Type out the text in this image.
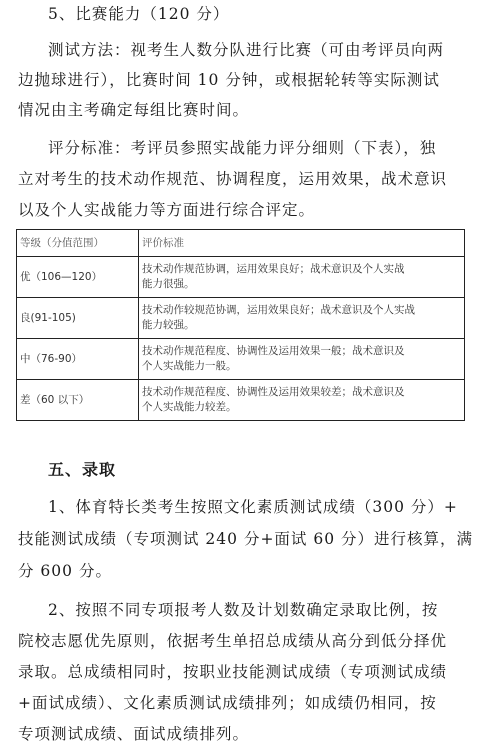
5、比赛能力（120 分）
测试方法：视考生人数分队进行比赛（可由考评员向两
边抛球进行），比赛时间 10 分钟，或根据轮转等实际测试
情况由主考确定每组比赛时间。
评分标准：考评员参照实战能力评分细则（下表），独
立对考生的技术动作规范、协调程度，运用效果，战术意识
以及个人实战能力等方面进行综合评定。
等级（分值范围）	评价标准
优（106—120）	技术动作规范协调，运用效果良好；战术意识及个人实战
能力很强。
良(91-105)	技术动作较规范协调，运用效果良好；战术意识及个人实战
能力较强。
中（76-90）	技术动作规范程度、协调性及运用效果一般；战术意识及
个人实战能力一般。
差（60 以下）	技术动作规范程度、协调性及运用效果较差；战术意识及
个人实战能力较差。
五、录取
1、体育特长类考生按照文化素质测试成绩（300 分）+
技能测试成绩（专项测试 240 分+面试 60 分）进行核算，满
分 600 分。
2、按照不同专项报考人数及计划数确定录取比例，按
院校志愿优先原则，依据考生单招总成绩从高分到低分择优
录取。总成绩相同时，按职业技能测试成绩（专项测试成绩
+面试成绩）、文化素质测试成绩排列；如成绩仍相同，按
专项测试成绩、面试成绩排列。
